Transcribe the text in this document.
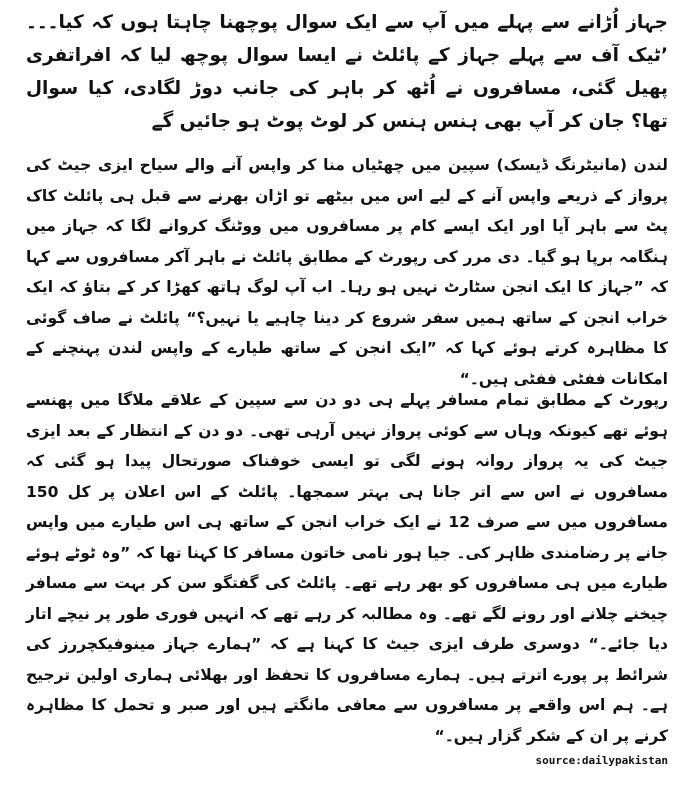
جہاز اُڑانے سے پہلے میں آپ سے ایک سوال پوچھنا چاہتا ہوں کہ کیا۔۔۔ ’ٹیک آف سے پہلے جہاز کے پائلٹ نے ایسا سوال پوچھ لیا کہ افراتفری پھیل گئی، مسافروں نے اُٹھ کر باہر کی جانب دوڑ لگادی، کیا سوال تھا؟ جان کر آپ بھی ہنس ہنس کر لوٹ پوٹ ہو جائیں گے

لندن (مانیٹرنگ ڈیسک) سپین میں چھٹیاں منا کر واپس آنے والے سیاح ایزی جیٹ کی پرواز کے ذریعے واپس آنے کے لیے اس میں بیٹھے تو اڑان بھرنے سے قبل ہی پائلٹ کاک پٹ سے باہر آیا اور ایک ایسے کام پر مسافروں میں ووٹنگ کروانے لگا کہ جہاز میں ہنگامہ برپا ہو گیا۔ دی مرر کی رپورٹ کے مطابق پائلٹ نے باہر آکر مسافروں سے کہا کہ ”جہاز کا ایک انجن سٹارٹ نہیں ہو رہا۔ اب آپ لوگ ہاتھ کھڑا کر کے بتاؤ کہ ایک خراب انجن کے ساتھ ہمیں سفر شروع کر دینا چاہیے یا نہیں؟“ پائلٹ نے صاف گوئی کا مظاہرہ کرتے ہوئے کہا کہ ”ایک انجن کے ساتھ طیارے کے واپس لندن پہنچنے کے امکانات ففٹی ففٹی ہیں۔“

رپورٹ کے مطابق تمام مسافر پہلے ہی دو دن سے سپین کے علاقے ملاگا میں پھنسے ہوئے تھے کیونکہ وہاں سے کوئی پرواز نہیں آرہی تھی۔ دو دن کے انتظار کے بعد ایزی جیٹ کی یہ پرواز روانہ ہونے لگی تو ایسی خوفناک صورتحال پیدا ہو گئی کہ مسافروں نے اس سے اتر جانا ہی بہتر سمجھا۔ پائلٹ کے اس اعلان پر کل 150 مسافروں میں سے صرف 12 نے ایک خراب انجن کے ساتھ ہی اس طیارے میں واپس جانے پر رضامندی ظاہر کی۔ جیا ہور نامی خاتون مسافر کا کہنا تھا کہ ”وہ ٹوٹے ہوئے طیارے میں ہی مسافروں کو بھر رہے تھے۔ پائلٹ کی گفتگو سن کر بہت سے مسافر چیخنے چلانے اور رونے لگے تھے۔ وہ مطالبہ کر رہے تھے کہ انہیں فوری طور پر نیچے اتار دیا جائے۔“ دوسری طرف ایزی جیٹ کا کہنا ہے کہ ”ہمارے جہاز مینوفیکچررز کی شرائط پر پورے اترتے ہیں۔ ہمارے مسافروں کا تحفظ اور بھلائی ہماری اولین ترجیح ہے۔ ہم اس واقعے پر مسافروں سے معافی مانگتے ہیں اور صبر و تحمل کا مظاہرہ کرنے پر ان کے شکر گزار ہیں۔“

source:dailypakistan
